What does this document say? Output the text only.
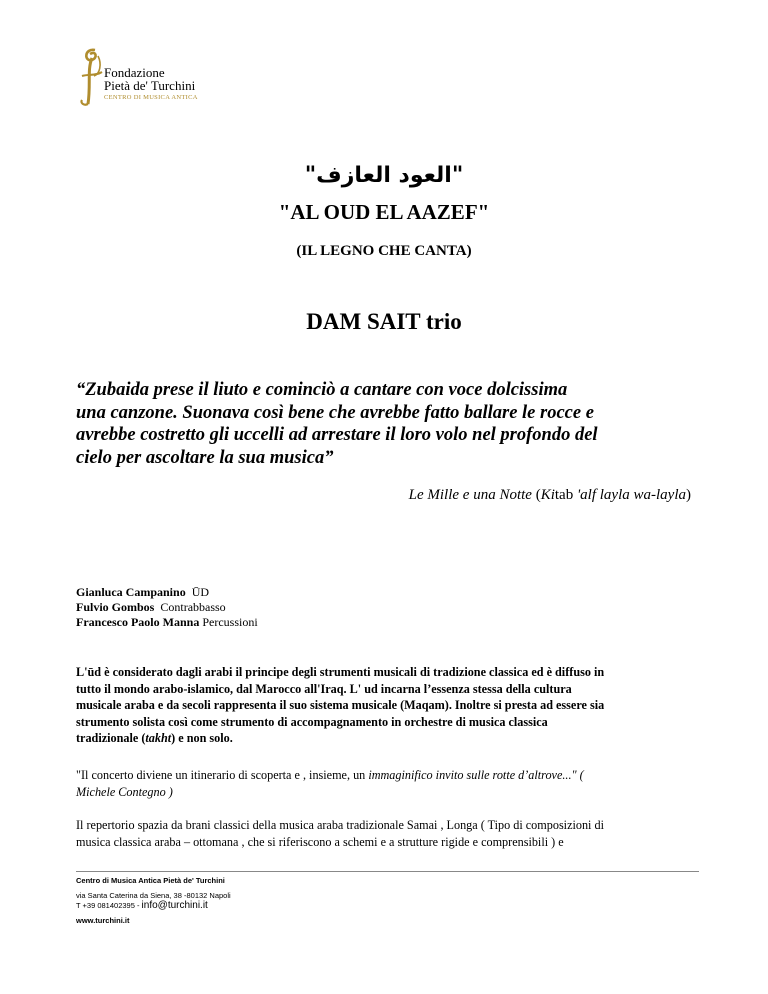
Fondazione
Pietà de' Turchini
CENTRO DI MUSICA ANTICA
"العود العازف"
"AL OUD EL AAZEF"
(IL LEGNO CHE CANTA)
DAM SAIT trio
“Zubaida prese il liuto e cominciò a cantare con voce dolcissima
una canzone. Suonava così bene che avrebbe fatto ballare le rocce e
avrebbe costretto gli uccelli ad arrestare il loro volo nel profondo del
cielo per ascoltare la sua musica”
Le Mille e una Notte (Kitab 'alf layla wa-layla)
Gianluca Campanino ŪD
Fulvio Gombos Contrabbasso
Francesco Paolo Manna Percussioni
L'ūd è considerato dagli arabi il principe degli strumenti musicali di tradizione classica ed è diffuso in
tutto il mondo arabo-islamico, dal Marocco all'Iraq. L' ud incarna l’essenza stessa della cultura
musicale araba e da secoli rappresenta il suo sistema musicale (Maqam). Inoltre si presta ad essere sia
strumento solista così come strumento di accompagnamento in orchestre di musica classica
tradizionale (takht) e non solo.
"Il concerto diviene un itinerario di scoperta e , insieme, un immaginifico invito sulle rotte d’altrove..." (
Michele Contegno )
Il repertorio spazia da brani classici della musica araba tradizionale Samai , Longa ( Tipo di composizioni di
musica classica araba – ottomana , che si riferiscono a schemi e a strutture rigide e comprensibili ) e
Centro di Musica Antica Pietà de' Turchini
via Santa Caterina da Siena, 38 -80132 Napoli
T +39 081402395 - info@turchini.it
www.turchini.it
